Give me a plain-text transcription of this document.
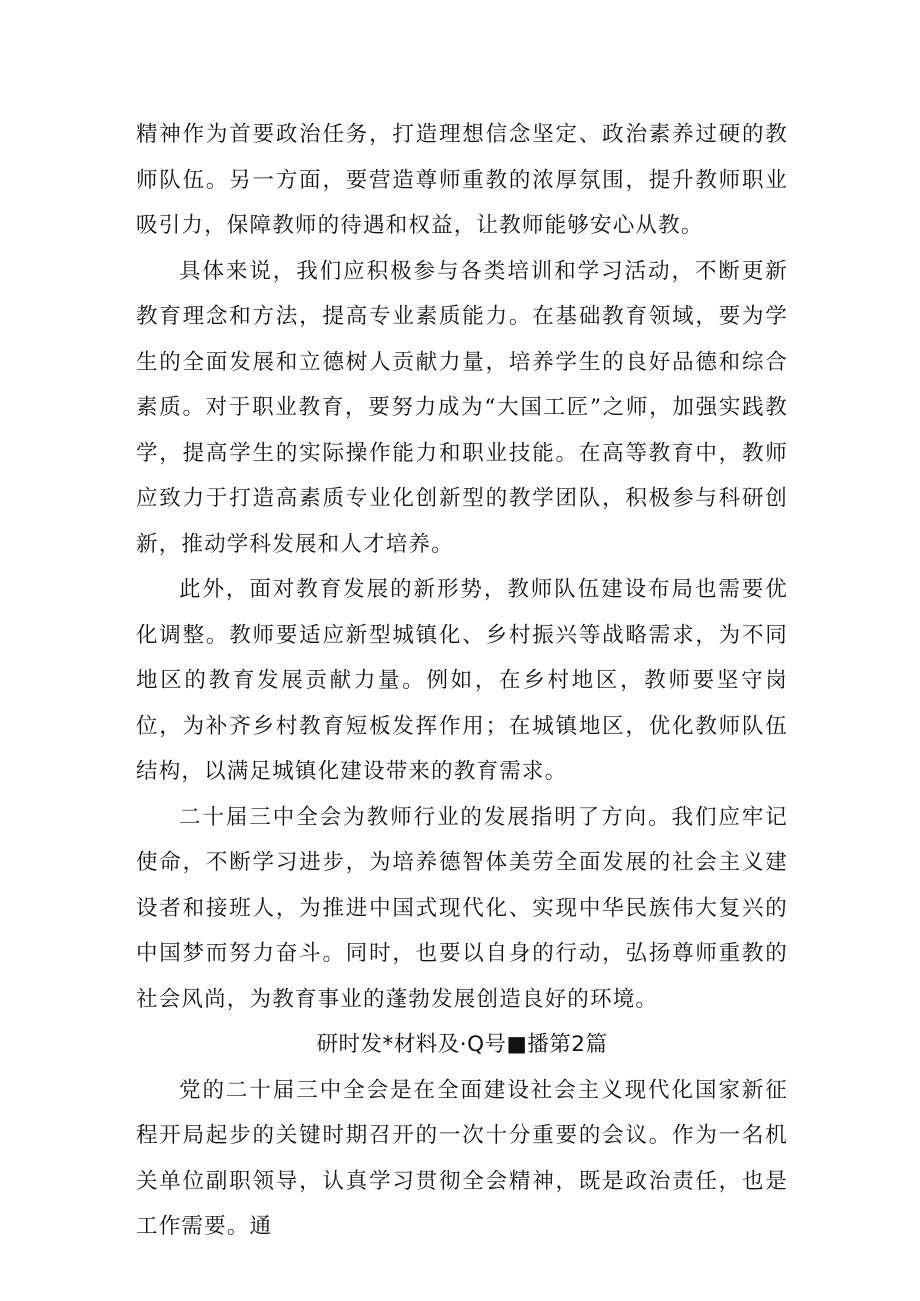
精神作为首要政治任务，打造理想信念坚定、政治素养过硬的教师队伍。另一方面，要营造尊师重教的浓厚氛围，提升教师职业吸引力，保障教师的待遇和权益，让教师能够安心从教。

具体来说，我们应积极参与各类培训和学习活动，不断更新教育理念和方法，提高专业素质能力。在基础教育领域，要为学生的全面发展和立德树人贡献力量，培养学生的良好品德和综合素质。对于职业教育，要努力成为“大国工匠”之师，加强实践教学，提高学生的实际操作能力和职业技能。在高等教育中，教师应致力于打造高素质专业化创新型的教学团队，积极参与科研创新，推动学科发展和人才培养。

此外，面对教育发展的新形势，教师队伍建设布局也需要优化调整。教师要适应新型城镇化、乡村振兴等战略需求，为不同地区的教育发展贡献力量。例如，在乡村地区，教师要坚守岗位，为补齐乡村教育短板发挥作用；在城镇地区，优化教师队伍结构，以满足城镇化建设带来的教育需求。

二十届三中全会为教师行业的发展指明了方向。我们应牢记使命，不断学习进步，为培养德智体美劳全面发展的社会主义建设者和接班人，为推进中国式现代化、实现中华民族伟大复兴的中国梦而努力奋斗。同时，也要以自身的行动，弘扬尊师重教的社会风尚，为教育事业的蓬勃发展创造良好的环境。

研时发*材料及·Q号■播第2篇

党的二十届三中全会是在全面建设社会主义现代化国家新征程开局起步的关键时期召开的一次十分重要的会议。作为一名机关单位副职领导，认真学习贯彻全会精神，既是政治责任，也是工作需要。通
